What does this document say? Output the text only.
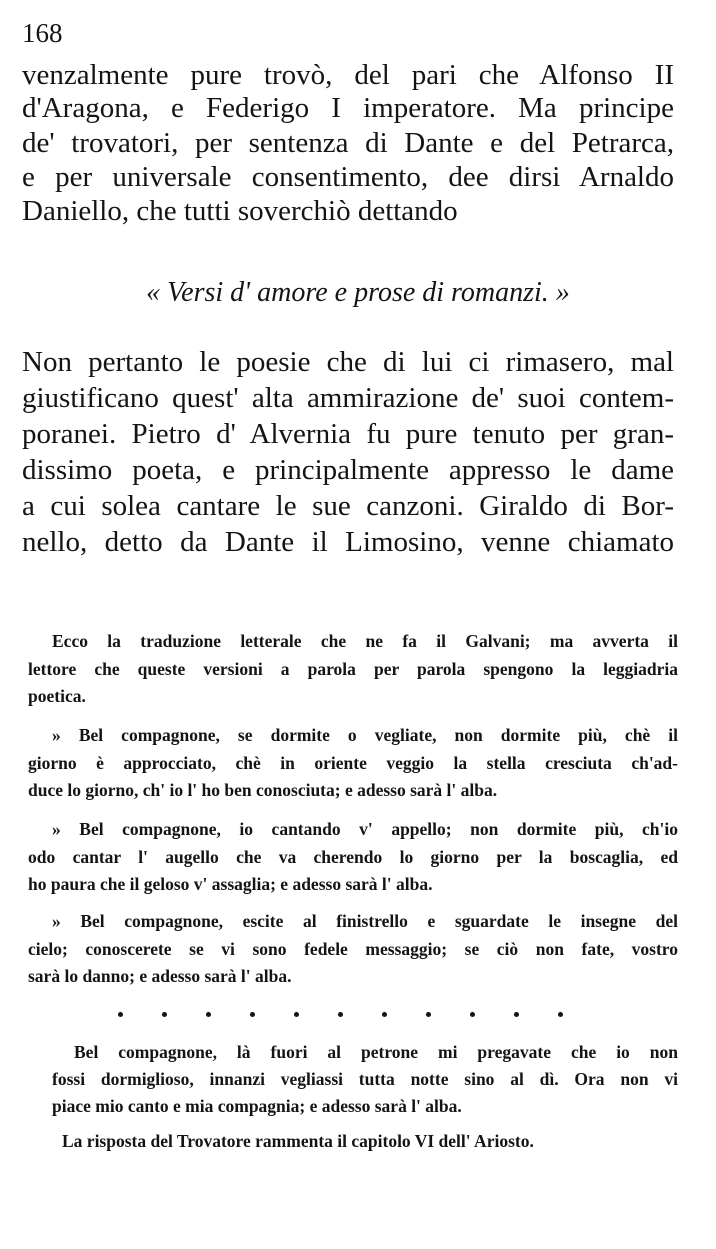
168
venzalmente pure trovò, del pari che Alfonso II
d'Aragona, e Federigo I imperatore. Ma principe
de' trovatori, per sentenza di Dante e del Petrarca,
e per universale consentimento, dee dirsi Arnaldo
Daniello, che tutti soverchiò dettando
« Versi d' amore e prose di romanzi. »
Non pertanto le poesie che di lui ci rimasero, mal
giustificano quest' alta ammirazione de' suoi contem-
poranei. Pietro d' Alvernia fu pure tenuto per gran-
dissimo poeta, e principalmente appresso le dame
a cui solea cantare le sue canzoni. Giraldo di Bor-
nello, detto da Dante il Limosino, venne chiamato
Ecco la traduzione letterale che ne fa il Galvani; ma avverta il
lettore che queste versioni a parola per parola spengono la leggiadria
poetica.
» Bel compagnone, se dormite o vegliate, non dormite più, chè il
giorno è approcciato, chè in oriente veggio la stella cresciuta ch'ad-
duce lo giorno, ch' io l' ho ben conosciuta; e adesso sarà l' alba.
» Bel compagnone, io cantando v' appello; non dormite più, ch'io
odo cantar l' augello che va cherendo lo giorno per la boscaglia, ed
ho paura che il geloso v' assaglia; e adesso sarà l' alba.
» Bel compagnone, escite al finistrello e sguardate le insegne del
cielo; conoscerete se vi sono fedele messaggio; se ciò non fate, vostro
sarà lo danno; e adesso sarà l' alba.
Bel compagnone, là fuori al petrone mi pregavate che io non
fossi dormiglioso, innanzi vegliassi tutta notte sino al dì. Ora non vi
piace mio canto e mia compagnia; e adesso sarà l' alba.
La risposta del Trovatore rammenta il capitolo VI dell' Ariosto.
